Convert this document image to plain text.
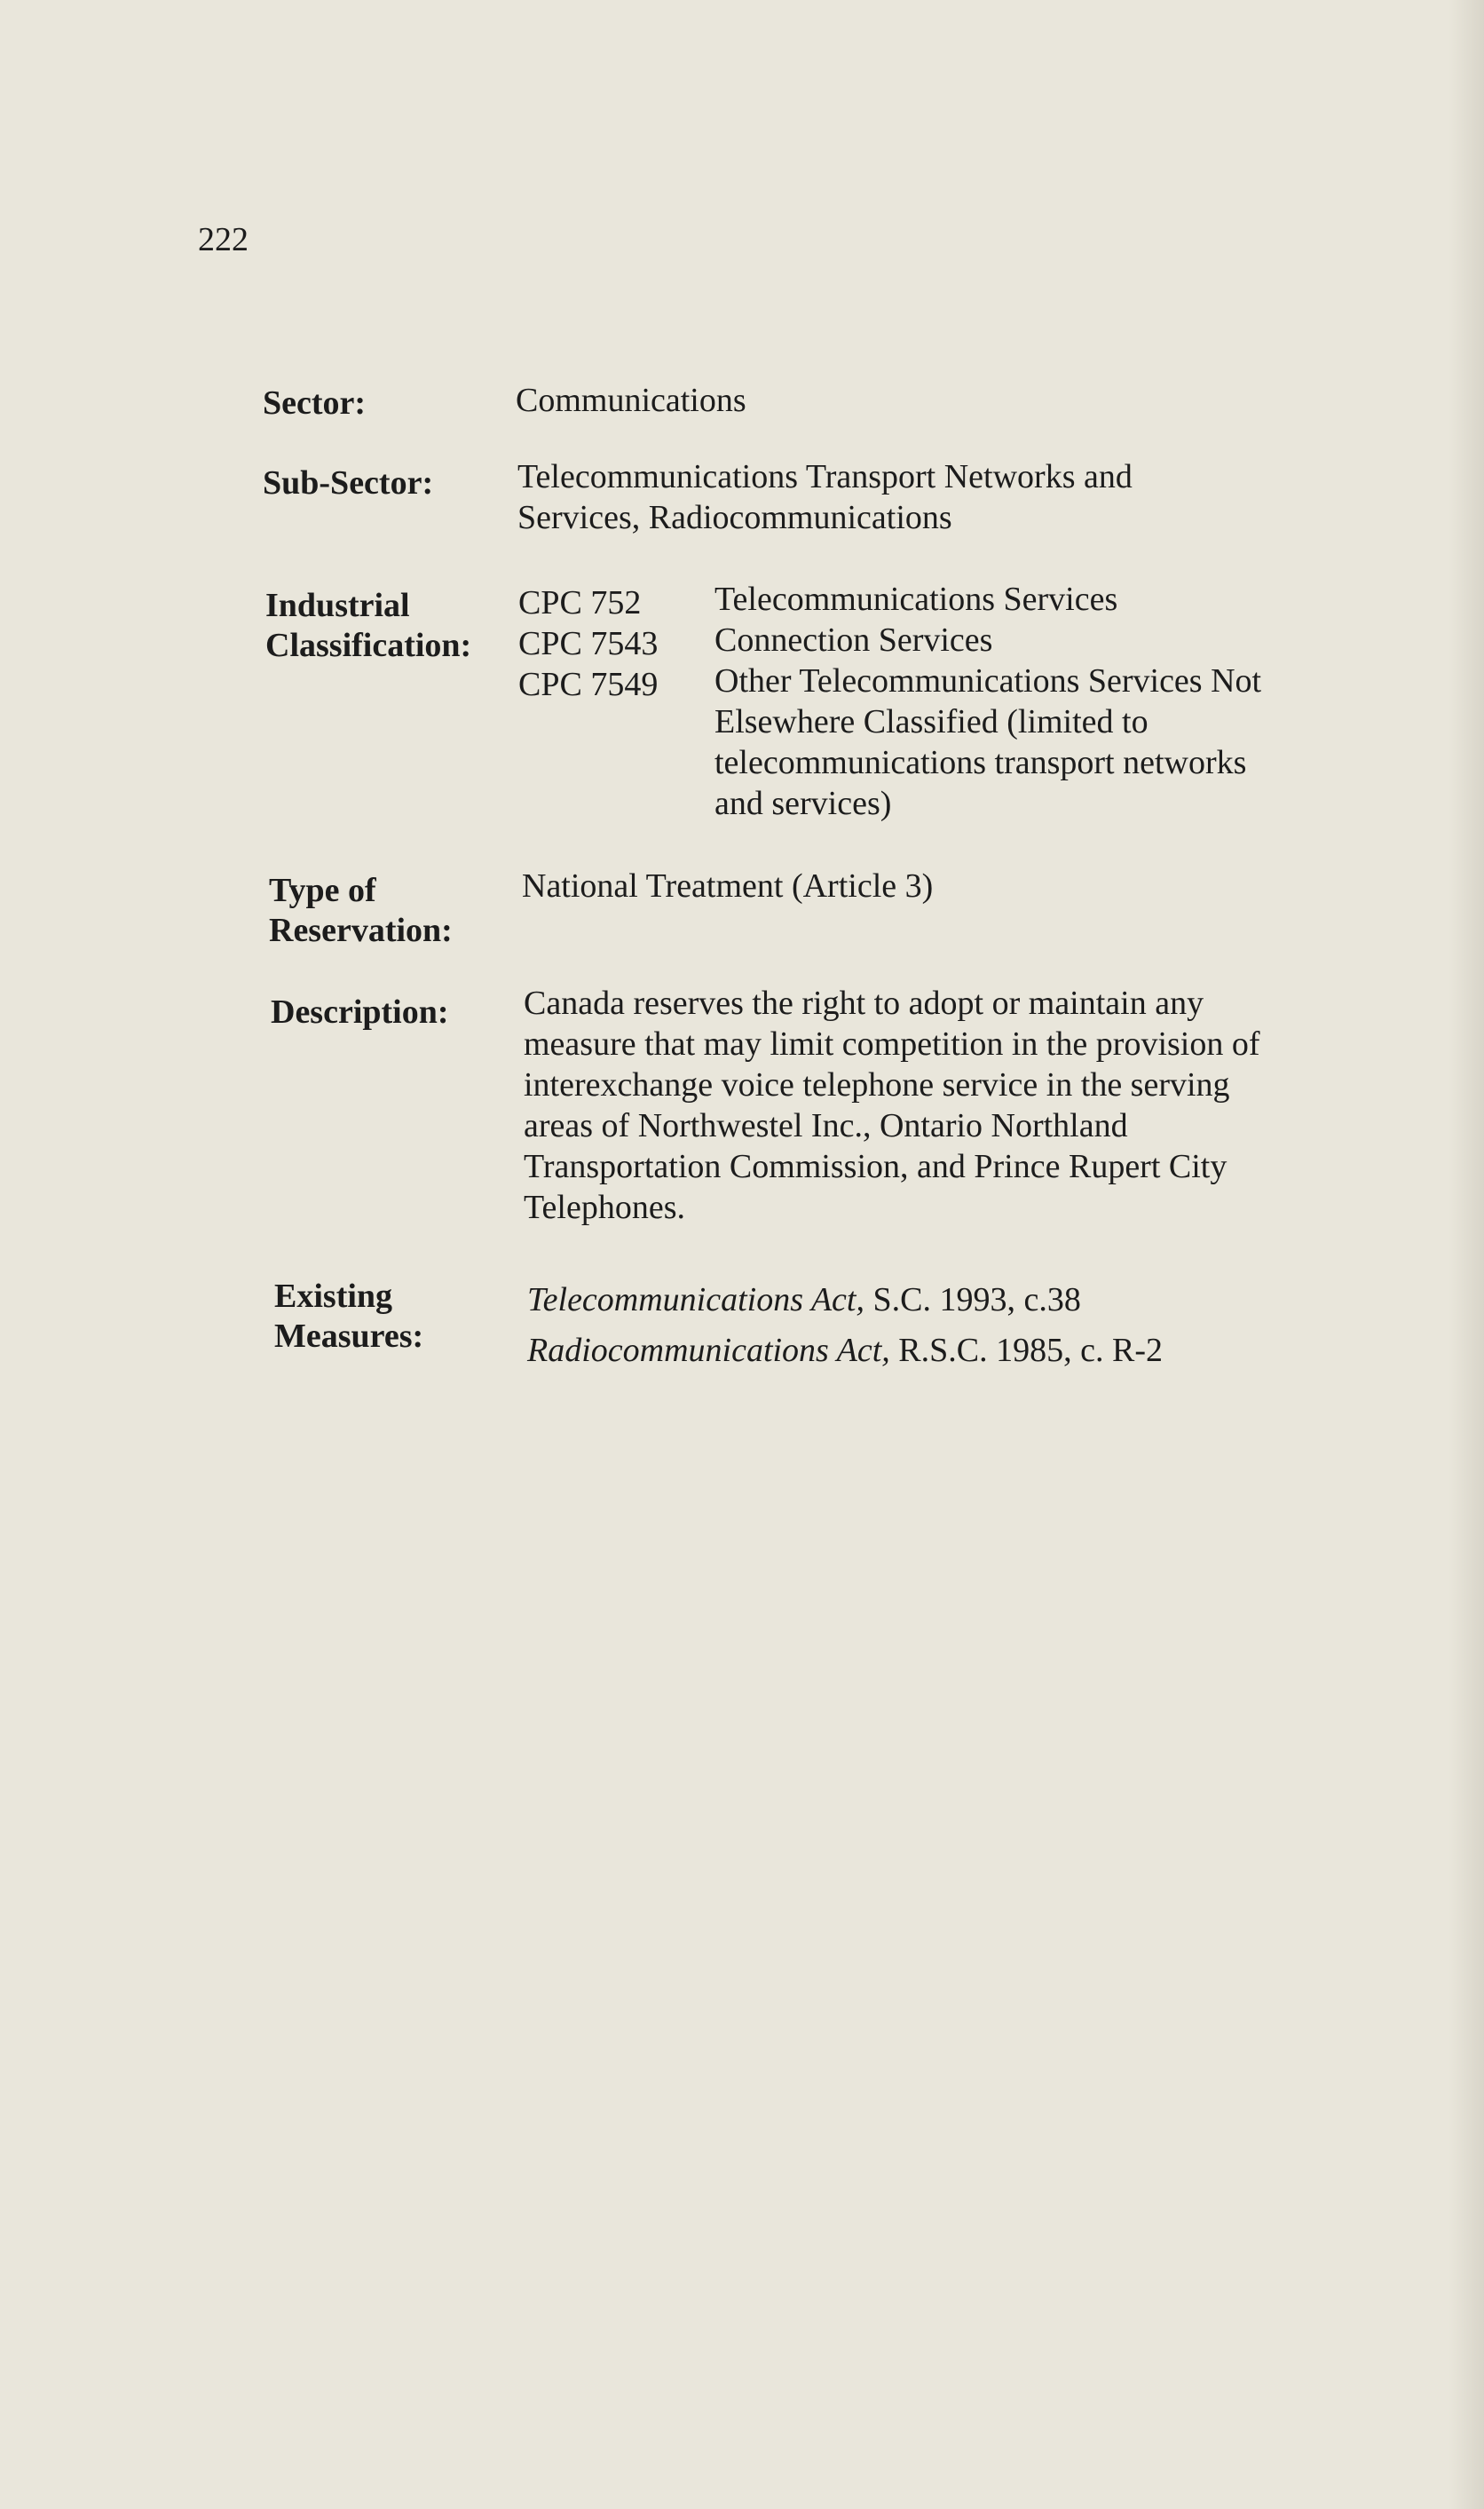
222
Sector:	Communications
Sub-Sector: Telecommunications Transport Networks and
Services, Radiocommunications
Industrial
Classification:
CPC 752
CPC 7543
CPC 7549
Telecommunications Services
Connection Services
Other Telecommunications Services Not
Elsewhere Classified (limited to
telecommunications transport networks
and services)
Type of
Reservation:
National Treatment (Article 3)
Description: Canada reserves the right to adopt or maintain any
measure that may limit competition in the provision of
interexchange voice telephone service in the serving
areas of Northwestel Inc., Ontario Northland
Transportation Commission, and Prince Rupert City
Telephones.
Existing
Measures:
Telecommunications Act, S.C. 1993, c.38
Radiocommunications Act, R.S.C. 1985, c. R-2
